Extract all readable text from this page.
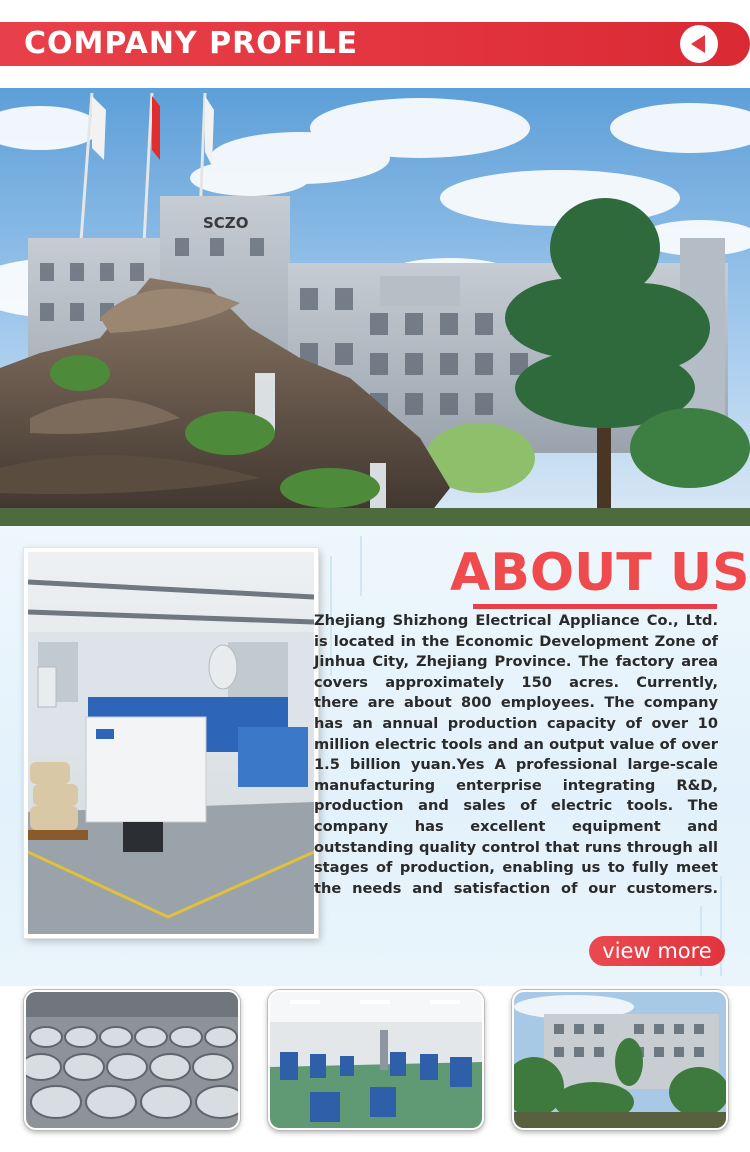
COMPANY PROFILE
SCZO
ABOUT US
Zhejiang Shizhong Electrical Appliance Co., Ltd. is located in the Economic Development Zone of Jinhua City, Zhejiang Province. The factory area covers approximately 150 acres. Currently, there are about 800 employees. The company has an annual production capacity of over 10 million electric tools and an output value of over 1.5 billion yuan.Yes A professional large-scale manufacturing enterprise integrating R&D, production and sales of electric tools. The company has excellent equipment and outstanding quality control that runs through all stages of production, enabling us to fully meet the needs and satisfaction of our customers.
view more
